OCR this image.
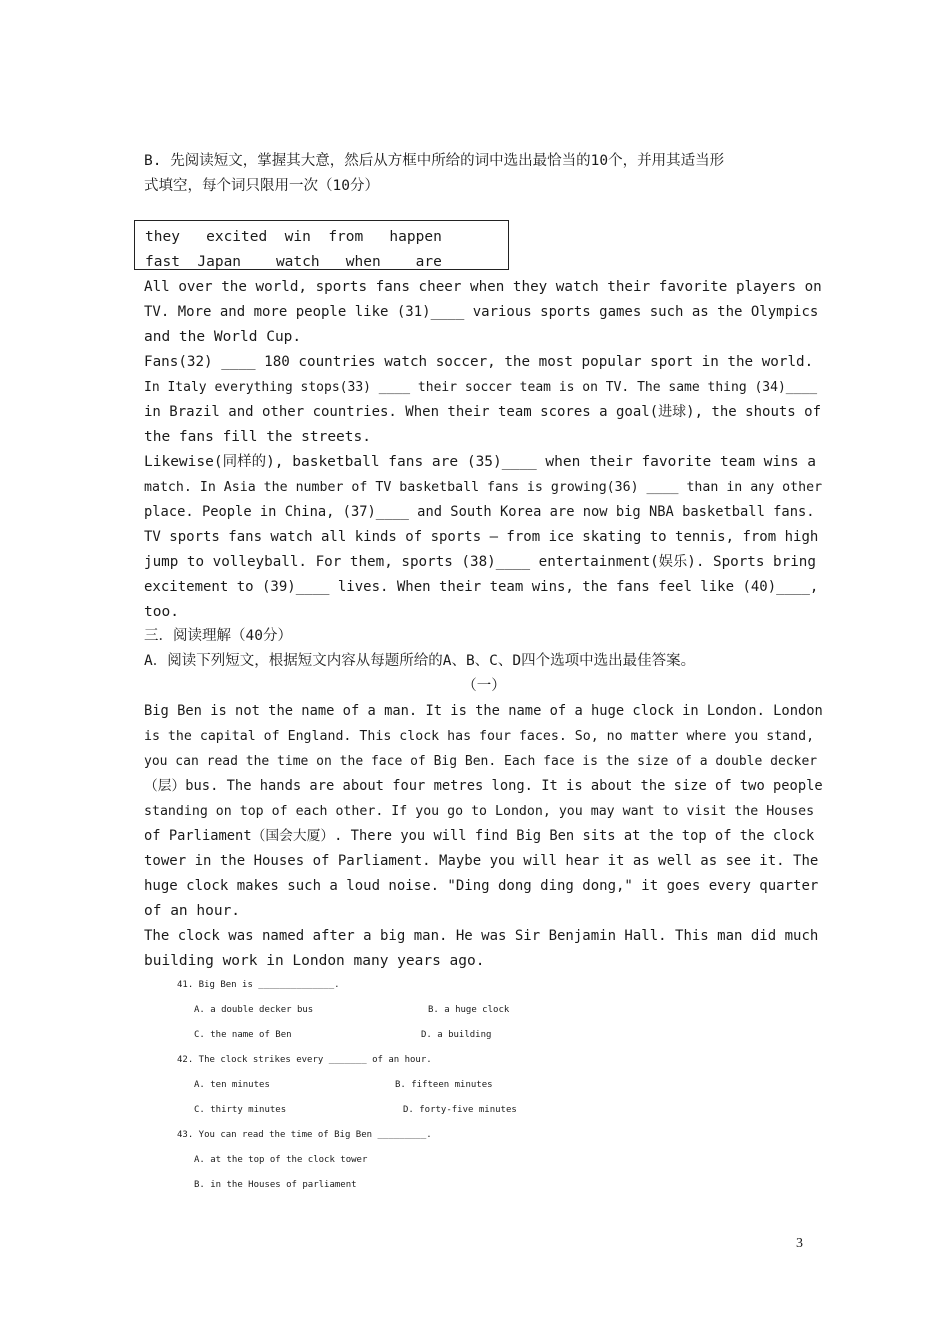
B. 先阅读短文，掌握其大意，然后从方框中所给的词中选出最恰当的10个，并用其适当形
式填空，每个词只限用一次（10分）
they   excited  win  from   happen
fast  Japan    watch   when    are
All over the world, sports fans cheer when they watch their favorite players on
TV. More and more people like (31)____ various sports games such as the Olympics
and the World Cup.
Fans(32) ____ 180 countries watch soccer, the most popular sport in the world.
In Italy everything stops(33) ____ their soccer team is on TV. The same thing (34)____
in Brazil and other countries. When their team scores a goal(进球), the shouts of
the fans fill the streets.
Likewise(同样的), basketball fans are (35)____ when their favorite team wins a
match. In Asia the number of TV basketball fans is growing(36) ____ than in any other
place. People in China, (37)____ and South Korea are now big NBA basketball fans.
TV sports fans watch all kinds of sports — from ice skating to tennis, from high
jump to volleyball. For them, sports (38)____ entertainment(娱乐). Sports bring
excitement to (39)____ lives. When their team wins, the fans feel like (40)____,
too.
三．阅读理解（40分）
A．阅读下列短文，根据短文内容从每题所给的A、B、C、D四个选项中选出最佳答案。
（一）
Big Ben is not the name of a man. It is the name of a huge clock in London. London
is the capital of England. This clock has four faces. So, no matter where you stand,
you can read the time on the face of Big Ben. Each face is the size of a double decker
（层）bus. The hands are about four metres long. It is about the size of two people
standing on top of each other. If you go to London, you may want to visit the Houses
of Parliament（国会大厦）. There you will find Big Ben sits at the top of the clock
tower in the Houses of Parliament. Maybe you will hear it as well as see it. The
huge clock makes such a loud noise. "Ding dong ding dong," it goes every quarter
of an hour.
The clock was named after a big man. He was Sir Benjamin Hall. This man did much
building work in London many years ago.
41. Big Ben is ______________.
A. a double decker bus	B. a huge clock
C. the name of Ben	D. a building
42. The clock strikes every _______ of an hour.
A. ten minutes	B. fifteen minutes
C. thirty minutes	D. forty-five minutes
43. You can read the time of Big Ben _________.
A. at the top of the clock tower
B. in the Houses of parliament
3
